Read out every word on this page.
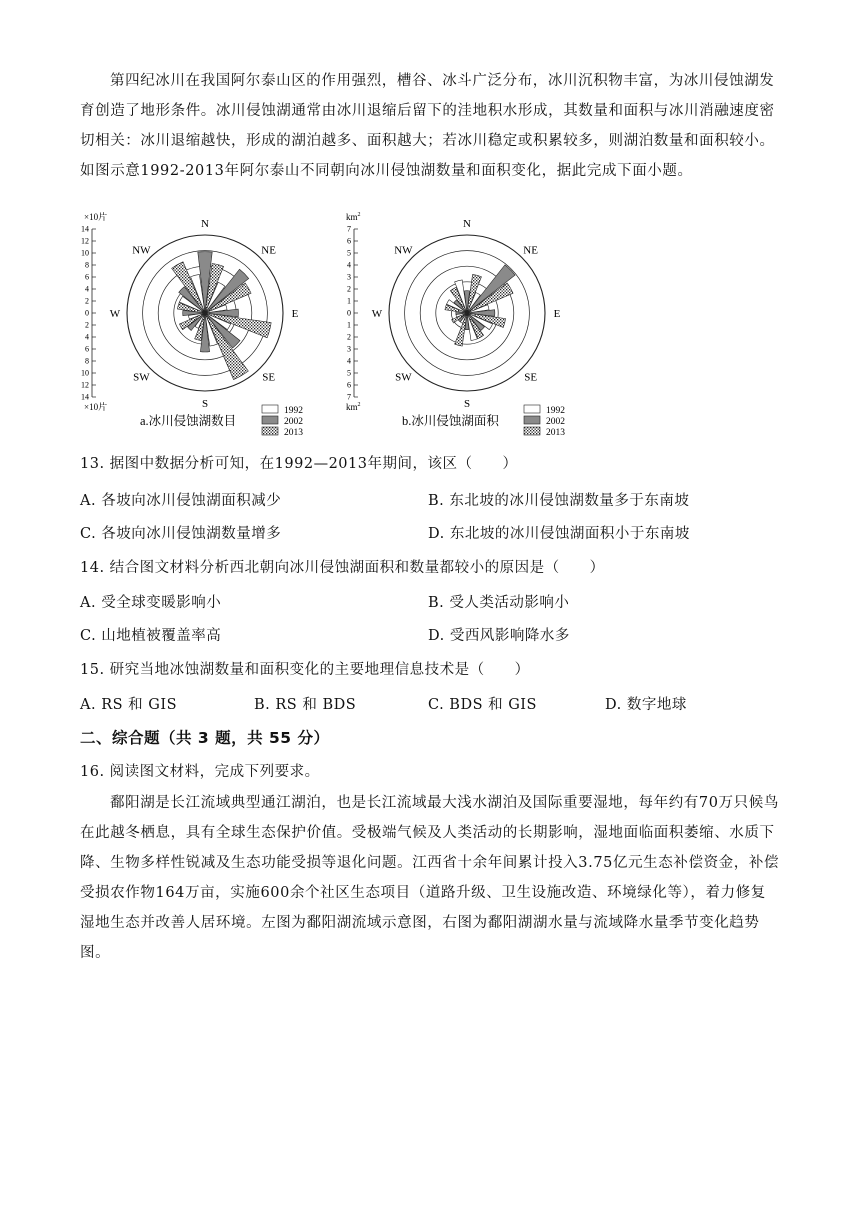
第四纪冰川在我国阿尔泰山区的作用强烈，槽谷、冰斗广泛分布，冰川沉积物丰富，为冰川侵蚀湖发育创造了地形条件。冰川侵蚀湖通常由冰川退缩后留下的洼地积水形成，其数量和面积与冰川消融速度密切相关：冰川退缩越快，形成的湖泊越多、面积越大；若冰川稳定或积累较多，则湖泊数量和面积较小。如图示意1992-2013年阿尔泰山不同朝向冰川侵蚀湖数量和面积变化，据此完成下面小题。
14
12
10
8
6
4
2
0
2
4
6
8
10
12
14
×10片
×10片
N
NE
E
SE
S
SW
W
NW
a.冰川侵蚀湖数目
1992
2002
2013
7
6
5
4
3
2
1
0
1
2
3
4
5
6
7
$km^2$
$km^2$
N
NE
E
SE
S
SW
W
NW
b.冰川侵蚀湖面积
1992
2002
2013
13. 据图中数据分析可知，在1992—2013年期间，该区（　　）
A. 各坡向冰川侵蚀湖面积减少	B. 东北坡的冰川侵蚀湖数量多于东南坡
C. 各坡向冰川侵蚀湖数量增多	D. 东北坡的冰川侵蚀湖面积小于东南坡
14. 结合图文材料分析西北朝向冰川侵蚀湖面积和数量都较小的原因是（　　）
A. 受全球变暖影响小	B. 受人类活动影响小
C. 山地植被覆盖率高	D. 受西风影响降水多
15. 研究当地冰蚀湖数量和面积变化的主要地理信息技术是（　　）
A. RS 和 GIS	B. RS 和 BDS	C. BDS 和 GIS	D. 数字地球
二、综合题（共 3 题，共 55 分）
16. 阅读图文材料，完成下列要求。
鄱阳湖是长江流域典型通江湖泊，也是长江流域最大浅水湖泊及国际重要湿地，每年约有70万只候鸟在此越冬栖息，具有全球生态保护价值。受极端气候及人类活动的长期影响，湿地面临面积萎缩、水质下降、生物多样性锐减及生态功能受损等退化问题。江西省十余年间累计投入3.75亿元生态补偿资金，补偿受损农作物164万亩，实施600余个社区生态项目（道路升级、卫生设施改造、环境绿化等），着力修复湿地生态并改善人居环境。左图为鄱阳湖流域示意图，右图为鄱阳湖湖水量与流域降水量季节变化趋势图。
